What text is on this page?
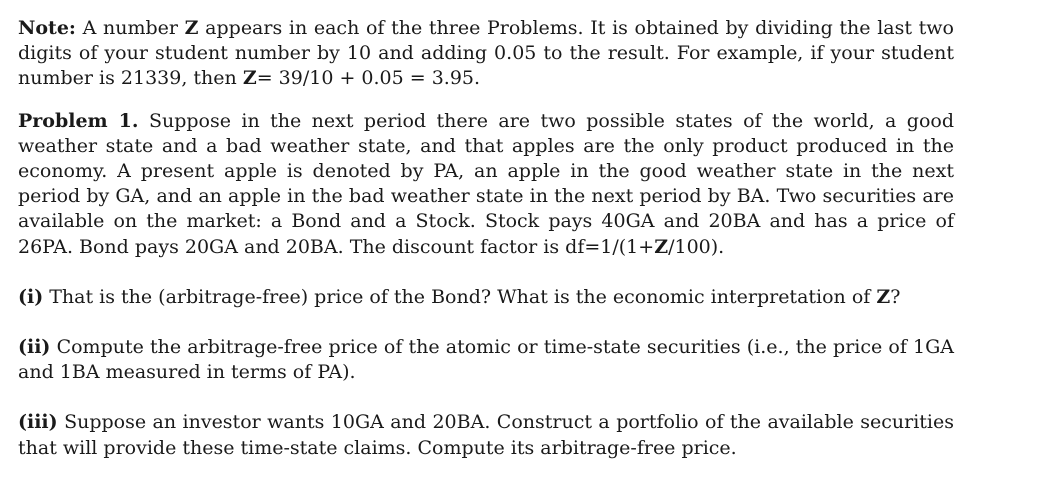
Note: A number Z appears in each of the three Problems. It is obtained by dividing the last two digits of your student number by 10 and adding 0.05 to the result. For example, if your student number is 21339, then Z= 39/10 + 0.05 = 3.95.

Problem 1. Suppose in the next period there are two possible states of the world, a good weather state and a bad weather state, and that apples are the only product produced in the economy. A present apple is denoted by PA, an apple in the good weather state in the next period by GA, and an apple in the bad weather state in the next period by BA. Two securities are available on the market: a Bond and a Stock. Stock pays 40GA and 20BA and has a price of 26PA. Bond pays 20GA and 20BA. The discount factor is df=1/(1+Z/100).

(i) That is the (arbitrage-free) price of the Bond? What is the economic interpretation of Z?

(ii) Compute the arbitrage-free price of the atomic or time-state securities (i.e., the price of 1GA and 1BA measured in terms of PA).

(iii) Suppose an investor wants 10GA and 20BA. Construct a portfolio of the available securities that will provide these time-state claims. Compute its arbitrage-free price.
